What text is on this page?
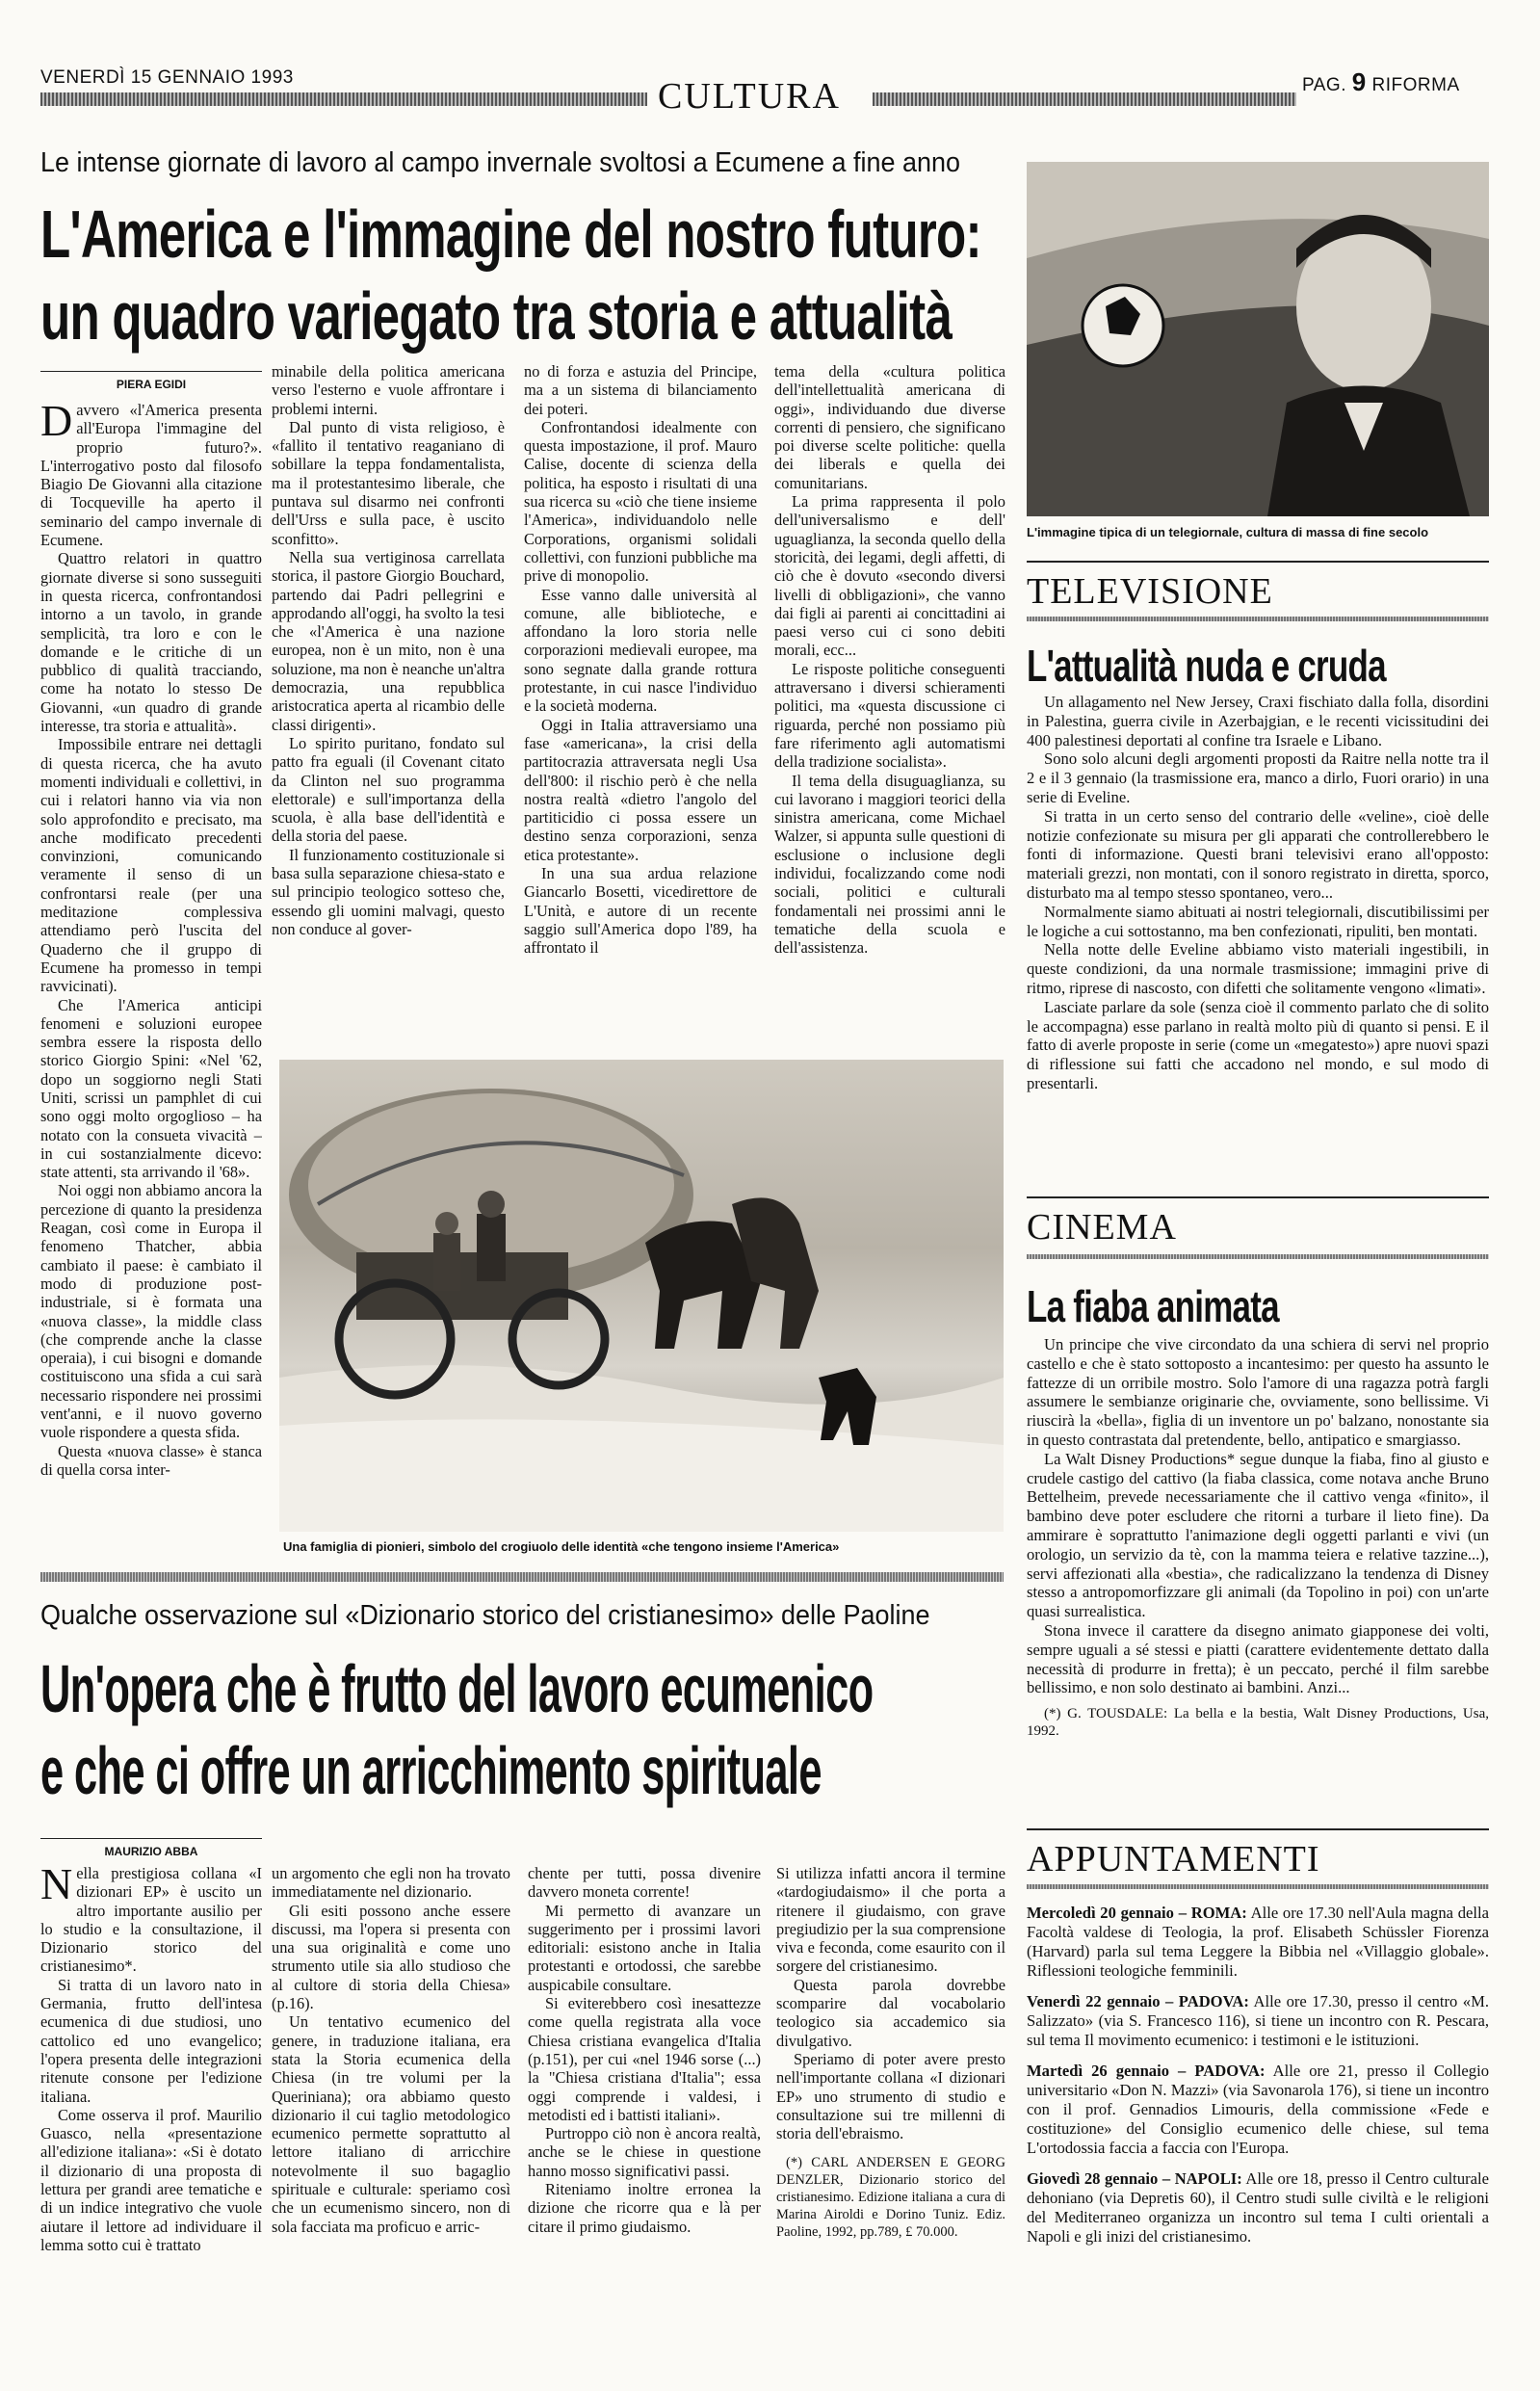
VENERDÌ 15 GENNAIO 1993	CULTURA	PAG. 9 RIFORMA
Le intense giornate di lavoro al campo invernale svoltosi a Ecumene a fine anno
L'America e l'immagine del nostro futuro:
un quadro variegato tra storia e attualità
PIERA EGIDI

Davvero «l'America presenta all'Europa l'immagine del proprio futuro?». L'interrogativo posto dal filosofo Biagio De Giovanni alla citazione di Tocqueville ha aperto il seminario del campo invernale di Ecumene.

Quattro relatori in quattro giornate diverse si sono susseguiti in questa ricerca, confrontandosi intorno a un tavolo, in grande semplicità, tra loro e con le domande e le critiche di un pubblico di qualità tracciando, come ha notato lo stesso De Giovanni, «un quadro di grande interesse, tra storia e attualità».

Impossibile entrare nei dettagli di questa ricerca, che ha avuto momenti individuali e collettivi, in cui i relatori hanno via via non solo approfondito e precisato, ma anche modificato precedenti convinzioni, comunicando veramente il senso di un confrontarsi reale (per una meditazione complessiva attendiamo però l'uscita del Quaderno che il gruppo di Ecumene ha promesso in tempi ravvicinati).

Che l'America anticipi fenomeni e soluzioni europee sembra essere la risposta dello storico Giorgio Spini: «Nel '62, dopo un soggiorno negli Stati Uniti, scrissi un pamphlet di cui sono oggi molto orgoglioso – ha notato con la consueta vivacità – in cui sostanzialmente dicevo: state attenti, sta arrivando il '68».

Noi oggi non abbiamo ancora la percezione di quanto la presidenza Reagan, così come in Europa il fenomeno Thatcher, abbia cambiato il paese: è cambiato il modo di produzione post-industriale, si è formata una «nuova classe», la middle class (che comprende anche la classe operaia), i cui bisogni e domande costituiscono una sfida a cui sarà necessario rispondere nei prossimi vent'anni, e il nuovo governo vuole rispondere a questa sfida.

Questa «nuova classe» è stanca di quella corsa inter-

minabile della politica americana verso l'esterno e vuole affrontare i problemi interni.

Dal punto di vista religioso, è «fallito il tentativo reaganiano di sobillare la teppa fondamentalista, ma il protestantesimo liberale, che puntava sul disarmo nei confronti dell'Urss e sulla pace, è uscito sconfitto».

Nella sua vertiginosa carrellata storica, il pastore Giorgio Bouchard, partendo dai Padri pellegrini e approdando all'oggi, ha svolto la tesi che «l'America è una nazione europea, non è un mito, non è una soluzione, ma non è neanche un'altra democrazia, una repubblica aristocratica aperta al ricambio delle classi dirigenti».

Lo spirito puritano, fondato sul patto fra eguali (il Covenant citato da Clinton nel suo programma elettorale) e sull'importanza della scuola, è alla base dell'identità e della storia del paese.

Il funzionamento costituzionale si basa sulla separazione chiesa-stato e sul principio teologico sotteso che, essendo gli uomini malvagi, questo non conduce al gover-

no di forza e astuzia del Principe, ma a un sistema di bilanciamento dei poteri.

Confrontandosi idealmente con questa impostazione, il prof. Mauro Calise, docente di scienza della politica, ha esposto i risultati di una sua ricerca su «ciò che tiene insieme l'America», individuandolo nelle Corporations, organismi solidali collettivi, con funzioni pubbliche ma prive di monopolio.

Esse vanno dalle università al comune, alle biblioteche, e affondano la loro storia nelle corporazioni medievali europee, ma sono segnate dalla grande rottura protestante, in cui nasce l'individuo e la società moderna.

Oggi in Italia attraversiamo una fase «americana», la crisi della partitocrazia attraversata negli Usa dell'800: il rischio però è che nella nostra realtà «dietro l'angolo del partiticidio ci possa essere un destino senza corporazioni, senza etica protestante».

In una sua ardua relazione Giancarlo Bosetti, vicedirettore de L'Unità, e autore di un recente saggio sull'America dopo l'89, ha affrontato il

tema della «cultura politica dell'intellettualità americana di oggi», individuando due diverse correnti di pensiero, che significano poi diverse scelte politiche: quella dei liberals e quella dei comunitarians.

La prima rappresenta il polo dell'universalismo e dell' uguaglianza, la seconda quello della storicità, dei legami, degli affetti, di ciò che è dovuto «secondo diversi livelli di obbligazioni», che vanno dai figli ai parenti ai concittadini ai paesi verso cui ci sono debiti morali, ecc...

Le risposte politiche conseguenti attraversano i diversi schieramenti politici, ma «questa discussione ci riguarda, perché non possiamo più fare riferimento agli automatismi della tradizione socialista».

Il tema della disuguaglianza, su cui lavorano i maggiori teorici della sinistra americana, come Michael Walzer, si appunta sulle questioni di esclusione o inclusione degli individui, focalizzando come nodi sociali, politici e culturali fondamentali nei prossimi anni le tematiche della scuola e dell'assistenza.

Una famiglia di pionieri, simbolo del crogiuolo delle identità «che tengono insieme l'America»
Qualche osservazione sul «Dizionario storico del cristianesimo» delle Paoline
Un'opera che è frutto del lavoro ecumenico
e che ci offre un arricchimento spirituale
MAURIZIO ABBA

Nella prestigiosa collana «I dizionari EP» è uscito un altro importante ausilio per lo studio e la consultazione, il Dizionario storico del cristianesimo*.

Si tratta di un lavoro nato in Germania, frutto dell'intesa ecumenica di due studiosi, uno cattolico ed uno evangelico; l'opera presenta delle integrazioni ritenute consone per l'edizione italiana.

Come osserva il prof. Maurilio Guasco, nella «presentazione all'edizione italiana»: «Si è dotato il dizionario di una proposta di lettura per grandi aree tematiche e di un indice integrativo che vuole aiutare il lettore ad individuare il lemma sotto cui è trattato

un argomento che egli non ha trovato immediatamente nel dizionario.

Gli esiti possono anche essere discussi, ma l'opera si presenta con una sua originalità e come uno strumento utile sia allo studioso che al cultore di storia della Chiesa» (p.16).

Un tentativo ecumenico del genere, in traduzione italiana, era stata la Storia ecumenica della Chiesa (in tre volumi per la Queriniana); ora abbiamo questo dizionario il cui taglio metodologico ecumenico permette soprattutto al lettore italiano di arricchire notevolmente il suo bagaglio spirituale e culturale: speriamo così che un ecumenismo sincero, non di sola facciata ma proficuo e arric-

chente per tutti, possa divenire davvero moneta corrente!

Mi permetto di avanzare un suggerimento per i prossimi lavori editoriali: esistono anche in Italia protestanti e ortodossi, che sarebbe auspicabile consultare.

Si eviterebbero così inesattezze come quella registrata alla voce Chiesa cristiana evangelica d'Italia (p.151), per cui «nel 1946 sorse (...) la "Chiesa cristiana d'Italia"; essa oggi comprende i valdesi, i metodisti ed i battisti italiani».

Purtroppo ciò non è ancora realtà, anche se le chiese in questione hanno mosso significativi passi.

Riteniamo inoltre erronea la dizione che ricorre qua e là per citare il primo giudaismo.

Si utilizza infatti ancora il termine «tardogiudaismo» il che porta a ritenere il giudaismo, con grave pregiudizio per la sua comprensione viva e feconda, come esaurito con il sorgere del cristianesimo.

Questa parola dovrebbe scomparire dal vocabolario teologico sia accademico sia divulgativo.

Speriamo di poter avere presto nell'importante collana «I dizionari EP» uno strumento di studio e consultazione sui tre millenni di storia dell'ebraismo.

(*) CARL ANDERSEN E GEORG DENZLER, Dizionario storico del cristianesimo. Edizione italiana a cura di Marina Airoldi e Dorino Tuniz. Ediz. Paoline, 1992, pp.789, £ 70.000.

L'immagine tipica di un telegiornale, cultura di massa di fine secolo
TELEVISIONE
L'attualità nuda e cruda

Un allagamento nel New Jersey, Craxi fischiato dalla folla, disordini in Palestina, guerra civile in Azerbajgian, e le recenti vicissitudini dei 400 palestinesi deportati al confine tra Israele e Libano.

Sono solo alcuni degli argomenti proposti da Raitre nella notte tra il 2 e il 3 gennaio (la trasmissione era, manco a dirlo, Fuori orario) in una serie di Eveline.

Si tratta in un certo senso del contrario delle «veline», cioè delle notizie confezionate su misura per gli apparati che controllerebbero le fonti di informazione. Questi brani televisivi erano all'opposto: materiali grezzi, non montati, con il sonoro registrato in diretta, sporco, disturbato ma al tempo stesso spontaneo, vero...

Normalmente siamo abituati ai nostri telegiornali, discutibilissimi per le logiche a cui sottostanno, ma ben confezionati, ripuliti, ben montati.

Nella notte delle Eveline abbiamo visto materiali ingestibili, in queste condizioni, da una normale trasmissione; immagini prive di ritmo, riprese di nascosto, con difetti che solitamente vengono «limati».

Lasciate parlare da sole (senza cioè il commento parlato che di solito le accompagna) esse parlano in realtà molto più di quanto si pensi. E il fatto di averle proposte in serie (come un «megatesto») apre nuovi spazi di riflessione sui fatti che accadono nel mondo, e sul modo di presentarli.

CINEMA
La fiaba animata

Un principe che vive circondato da una schiera di servi nel proprio castello e che è stato sottoposto a incantesimo: per questo ha assunto le fattezze di un orribile mostro. Solo l'amore di una ragazza potrà fargli assumere le sembianze originarie che, ovviamente, sono bellissime. Vi riuscirà la «bella», figlia di un inventore un po' balzano, nonostante sia in questo contrastata dal pretendente, bello, antipatico e smargiasso.

La Walt Disney Productions* segue dunque la fiaba, fino al giusto e crudele castigo del cattivo (la fiaba classica, come notava anche Bruno Bettelheim, prevede necessariamente che il cattivo venga «finito», il bambino deve poter escludere che ritorni a turbare il lieto fine). Da ammirare è soprattutto l'animazione degli oggetti parlanti e vivi (un orologio, un servizio da tè, con la mamma teiera e relative tazzine...), servi affezionati alla «bestia», che radicalizzano la tendenza di Disney stesso a antropomorfizzare gli animali (da Topolino in poi) con un'arte quasi surrealistica.

Stona invece il carattere da disegno animato giapponese dei volti, sempre uguali a sé stessi e piatti (carattere evidentemente dettato dalla necessità di produrre in fretta); è un peccato, perché il film sarebbe bellissimo, e non solo destinato ai bambini. Anzi...

(*) G. TOUSDALE: La bella e la bestia, Walt Disney Productions, Usa, 1992.

APPUNTAMENTI
Mercoledì 20 gennaio – ROMA: Alle ore 17.30 nell'Aula magna della Facoltà valdese di Teologia, la prof. Elisabeth Schüssler Fiorenza (Harvard) parla sul tema Leggere la Bibbia nel «Villaggio globale». Riflessioni teologiche femminili.
Venerdì 22 gennaio – PADOVA: Alle ore 17.30, presso il centro «M. Salizzato» (via S. Francesco 116), si tiene un incontro con R. Pescara, sul tema Il movimento ecumenico: i testimoni e le istituzioni.
Martedì 26 gennaio – PADOVA: Alle ore 21, presso il Collegio universitario «Don N. Mazzi» (via Savonarola 176), si tiene un incontro con il prof. Gennadios Limouris, della commissione «Fede e costituzione» del Consiglio ecumenico delle chiese, sul tema L'ortodossia faccia a faccia con l'Europa.
Giovedì 28 gennaio – NAPOLI: Alle ore 18, presso il Centro culturale dehoniano (via Depretis 60), il Centro studi sulle civiltà e le religioni del Mediterraneo organizza un incontro sul tema I culti orientali a Napoli e gli inizi del cristianesimo.
